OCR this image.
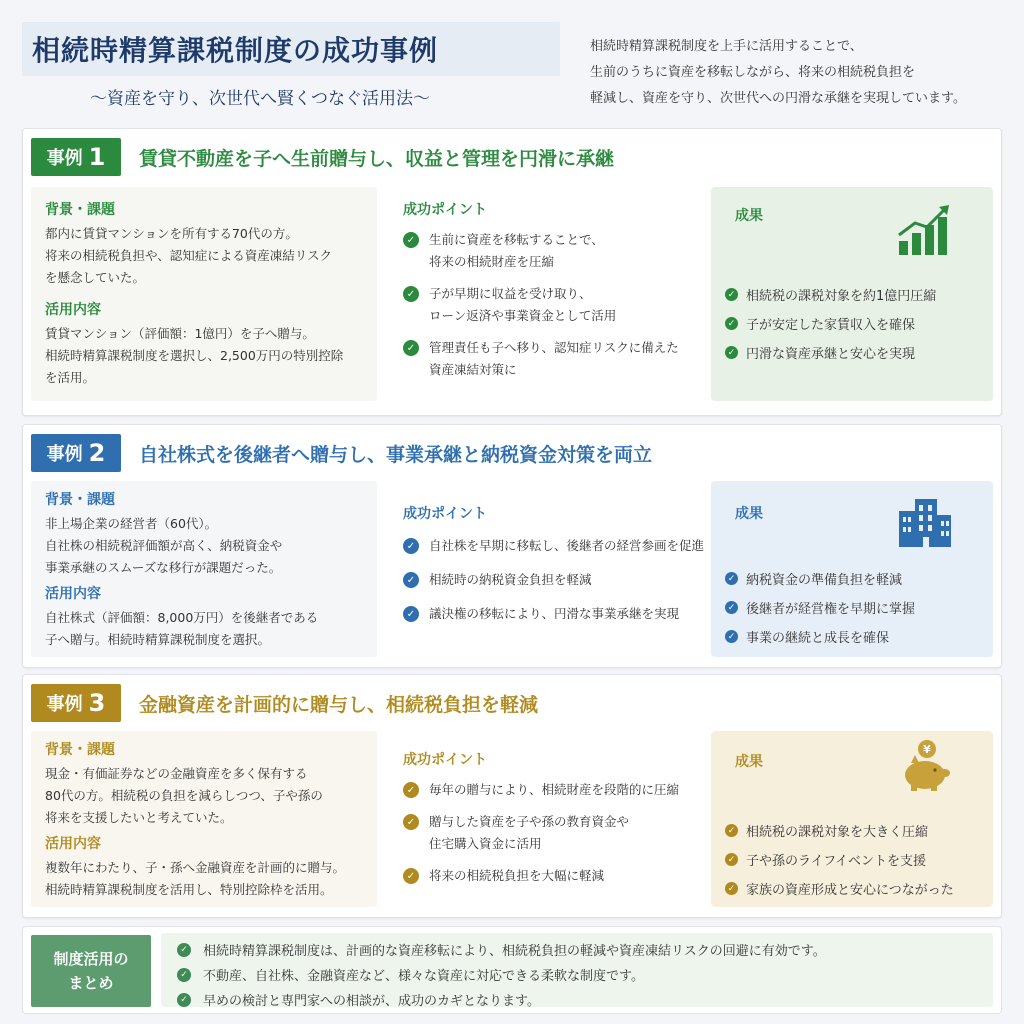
相続時精算課税制度の成功事例
〜資産を守り、次世代へ賢くつなぐ活用法〜
相続時精算課税制度を上手に活用することで、
生前のうちに資産を移転しながら、将来の相続税負担を
軽減し、資産を守り、次世代への円滑な承継を実現しています。
事例 1 賃貸不動産を子へ生前贈与し、収益と管理を円滑に承継
背景・課題
都内に賃貸マンションを所有する70代の方。
将来の相続税負担や、認知症による資産凍結リスク
を懸念していた。
活用内容
賃貸マンション（評価額：1億円）を子へ贈与。
相続時精算課税制度を選択し、2,500万円の特別控除
を活用。
成功ポイント
✓	生前に資産を移転することで、
将来の相続財産を圧縮
✓	子が早期に収益を受け取り、
ローン返済や事業資金として活用
✓	管理責任も子へ移り、認知症リスクに備えた
資産凍結対策に
成果
✓ 相続税の課税対象を約1億円圧縮
✓ 子が安定した家賃収入を確保
✓ 円滑な資産承継と安心を実現
事例 2 自社株式を後継者へ贈与し、事業承継と納税資金対策を両立
背景・課題
非上場企業の経営者（60代）。
自社株の相続税評価額が高く、納税資金や
事業承継のスムーズな移行が課題だった。
活用内容
自社株式（評価額：8,000万円）を後継者である
子へ贈与。相続時精算課税制度を選択。
成功ポイント
✓	自社株を早期に移転し、後継者の経営参画を促進
✓	相続時の納税資金負担を軽減
✓	議決権の移転により、円滑な事業承継を実現
成果
✓ 納税資金の準備負担を軽減
✓ 後継者が経営権を早期に掌握
✓ 事業の継続と成長を確保
事例 3 金融資産を計画的に贈与し、相続税負担を軽減
背景・課題
現金・有価証券などの金融資産を多く保有する
80代の方。相続税の負担を減らしつつ、子や孫の
将来を支援したいと考えていた。
活用内容
複数年にわたり、子・孫へ金融資産を計画的に贈与。
相続時精算課税制度を活用し、特別控除枠を活用。
成功ポイント
✓	毎年の贈与により、相続財産を段階的に圧縮
✓	贈与した資産を子や孫の教育資金や
住宅購入資金に活用
✓	将来の相続税負担を大幅に軽減
成果
¥
✓ 相続税の課税対象を大きく圧縮
✓ 子や孫のライフイベントを支援
✓ 家族の資産形成と安心につながった
制度活用の
まとめ
✓ 相続時精算課税制度は、計画的な資産移転により、相続税負担の軽減や資産凍結リスクの回避に有効です。
✓ 不動産、自社株、金融資産など、様々な資産に対応できる柔軟な制度です。
✓ 早めの検討と専門家への相談が、成功のカギとなります。
